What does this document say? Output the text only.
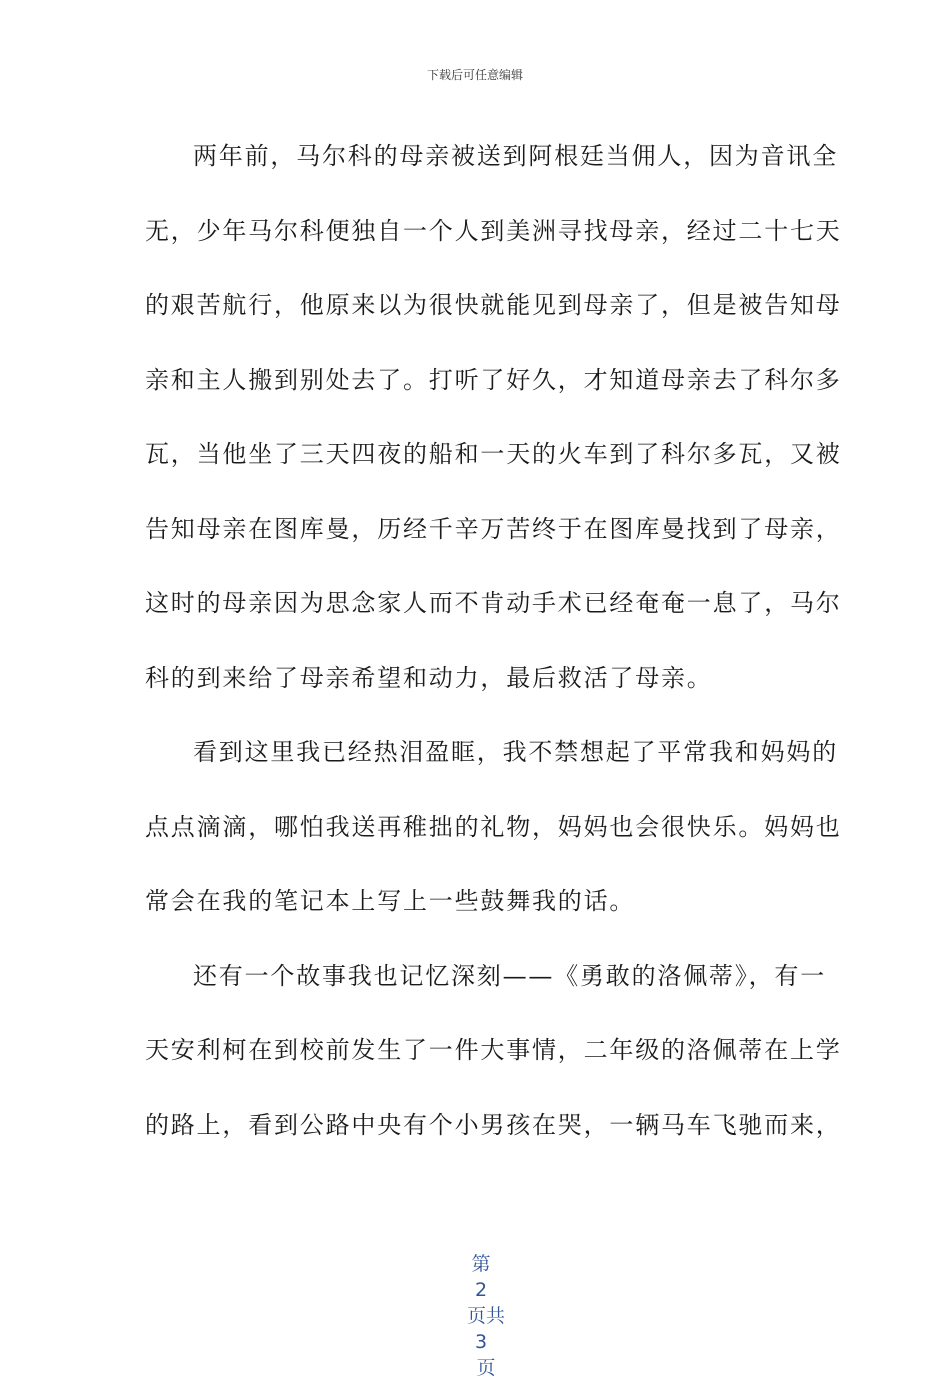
下载后可任意编辑

两年前，马尔科的母亲被送到阿根廷当佣人，因为音讯全
无，少年马尔科便独自一个人到美洲寻找母亲，经过二十七天
的艰苦航行，他原来以为很快就能见到母亲了，但是被告知母
亲和主人搬到别处去了。打听了好久，才知道母亲去了科尔多
瓦，当他坐了三天四夜的船和一天的火车到了科尔多瓦，又被
告知母亲在图库曼，历经千辛万苦终于在图库曼找到了母亲，
这时的母亲因为思念家人而不肯动手术已经奄奄一息了，马尔
科的到来给了母亲希望和动力，最后救活了母亲。

看到这里我已经热泪盈眶，我不禁想起了平常我和妈妈的
点点滴滴，哪怕我送再稚拙的礼物，妈妈也会很快乐。妈妈也
常会在我的笔记本上写上一些鼓舞我的话。

还有一个故事我也记忆深刻——《勇敢的洛佩蒂》，有一
天安利柯在到校前发生了一件大事情，二年级的洛佩蒂在上学
的路上，看到公路中央有个小男孩在哭，一辆马车飞驰而来，

第
2
页共
3
页
